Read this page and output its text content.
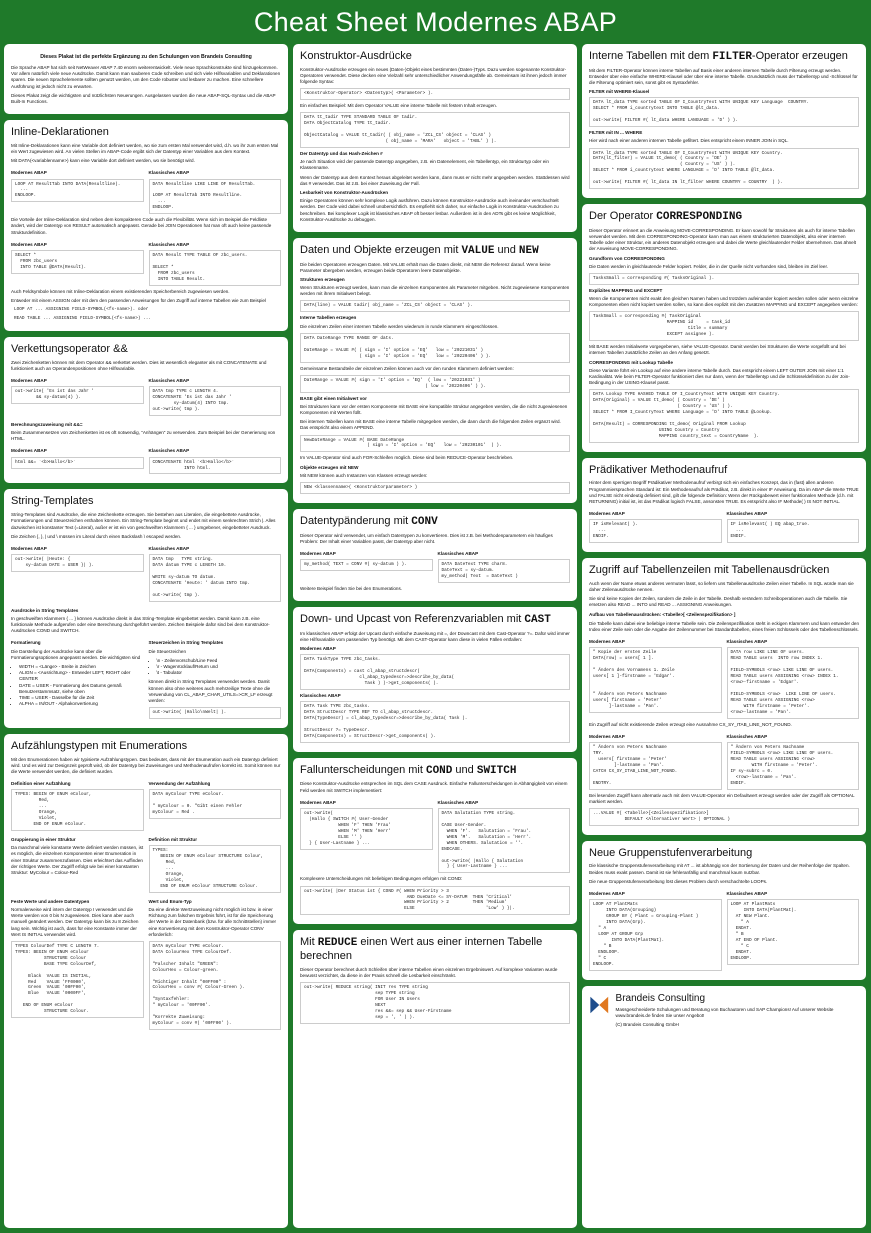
Cheat Sheet Modernes ABAP
Dieses Plakat ist die perfekte Ergänzung zu den Schulungen von Brandeis Consulting

Die Sprache ABAP hat sich seit NetWeaver ABAP 7.40 enorm weiterentwickelt. Viele neue Sprachkonstrukte sind hinzugekommen. Vor allem natürlich viele neue Ausdrücke. Damit kann man sauberen Code schreiben und sich viele Hilfsvariablen und Deklarationen sparen. Die neuen Sprachelemente sollten genutzt werden, um den Code robuster und lesbarer zu machen. Eine schnellere Ausführung ist jedoch nicht zu erwarten.

Dieses Plakat zeigt die wichtigsten und nützlichsten Neuerungen. Ausgelassen wurden die neue ABAP-SQL-Syntax und die ABAP Built-In Functions.

Inline-Deklarationen

Mit Inline-Deklarationen kann eine Variable dort definiert werden, wo sie zum ersten Mal verwendet wird, d.h. wo ihr zum ersten Mal ein Wert zugewiesen wird. An vielen Stellen im ABAP-Code ergibt sich der Datentyp einer Variablen aus dem Kontext.

Mit DATA(<variablenname>) kann eine Variable dort definiert werden, wo sie benötigt wird.

Modernes ABAP
LOOP AT ResultTab INTO DATA(Resultline).
...
ENDLOOP.
Klassisches ABAP
DATA Resultline LIKE LINE OF ResultTab.

LOOP AT ResultTab INTO Resultline.
...
ENDLOOP.

Die Vorteile der Inline-Deklaration sind neben dem kompakteren Code auch die Flexibilität. Wenn sich im Beispiel die Feldliste ändert, wird der Datentyp von RESULT automatisch angepasst. Gerade bei JOIN Operationen hat man oft auch keine passende Strukturdefinition.

Modernes ABAP
SELECT *
FROM zbc_users
INTO TABLE @DATA(Result).
Klassisches ABAP
DATA Result TYPE TABLE OF zbc_users.

SELECT *
FROM zbc_users
INTO TABLE Result.

Auch Feldsymbole können mit Inline-Deklaration einem existierenden Speicherbereich zugewiesen werden.

Entweder mit einem ASSIGN oder mit dem den passenden Anweisungen für den Zugriff auf interne Tabellen wie zum Beispiel

LOOP AT ... ASSIGNING FIELD-SYMBOL(<fs-name>). oder
READ TABLE ... ASSIGNING FIELD-SYMBOL(<fs-name>) ...
Verkettungsoperator &&

Zwei Zeichenketten können mit dem Operator && verkettet werden. Dies ist wesentlich eleganter als mit CONCATENATE und funktioniert auch an Operandenpositionen ohne Hilfsvariable.

Modernes ABAP
out->write( 'Es ist das Jahr '
&& sy-datum(4) ).
Klassisches ABAP
DATA tmp TYPE c LENGTH 4.
CONCATENATE 'Es ist das Jahr '
sy-datum(4) INTO tmp.
out->write( tmp ).
Berechnungszuweisung mit &&=

Beim Zusammensetzen von Zeichenketten ist es oft notwendig, "Anhängen" zu verwenden. Zum Beispiel bei der Generierung von HTML.

Modernes ABAP
html &&= `<b>Hallo</b>`
Klassisches ABAP
CONCATENATE html `<b>Hallo</b>`
INTO html.
String-Templates

String-Templates sind Ausdrücke, die eine Zeichenkette erzeugen. Sie bestehen aus Literalen, die eingebettete Ausdrücke, Formatierungen und Steuerzeichen enthalten können. Ein String-Template beginnt und endet mit einem senkrechten Strich |. Alles dazwischen ist konstanter Text (=Literal), außer er ist ein von geschweiften Klammern { ... } umgebener, eingebetteter Ausdruck.

Die Zeichen {, }, | und \ müssen im Literal durch einen Backslash \ escaped werden.

Modernes ABAP
out->write( |Heute: {
sy-datum DATE = USER }| ).
Klassisches ABAP
DATA tmp   TYPE string.
DATA datum TYPE c LENGTH 10.

WRITE sy-datum TO datum.
CONCATENATE 'Heute: ' datum INTO tmp.

out->write( tmp ).
Ausdrücke in String Templates

In geschweiften Klammern { ... } können Ausdrücke direkt in das String-Template eingebettet werden. Damit kann z.B. eine funktionale Methode aufgerufen oder eine Berechnung durchgeführt werden. Zeichen Beispiele dafür sind bei dem Konstruktor-Ausdrücken COND und SWITCH.

Formatierung

Die Darstellung der Ausdrücke kann über die Formatierungsoptionen angepasst werden. Die wichtigsten sind

• WIDTH = <Länge> - Breite in Zeichen
• ALIGN = <Ausrichtung> - Entweder LEFT, RIGHT oder CENTER
• DATE = USER - Formatierung des Datums gemäß Benutzerstammsatz, siehe oben
• TIME = USER - Dasselbe für die Zeit
• ALPHA = IN/OUT - Alphakonvertierung
Steuerzeichen in String Templates

Die Steuerzeichen

• \n - Zeilenvorschub/Line Feed
• \r - Wagenrücklauf/Return und
• \t - Tabulator

können direkt in String Templates verwendet werden. Damit können also ohne weiteres auch mehrzeilige Texte ohne die Verwendung von CL_ABAP_CHAR_UTILS=>CR_LF erzeugt werden:

out->write( |Hallo\nWelt| ).
Aufzählungstypen mit Enumerations

Mit den Enumerationen haben wir typisierte Aufzählungstypen. Das bedeutet, dass mit der Enumeration auch ein Datentyp definiert wird. Und es wird zur Designzeit geprüft wird, ob der Datentyp bei Zuweisungen und Methodenaufrufen korrekt ist. Somit können nur die Werte verwendet werden, die definiert wurden.

Definition einer Aufzählung
TYPES: BEGIN OF ENUM eColour,
Red,
...
Orange,
Violet,
END OF ENUM eColour.
Verwendung der Aufzählung
DATA myColour TYPE eColour.

" myColour = 0. "Gibt einen Fehler
myColour = Red .
Gruppierung in einer Struktur

Da manchmal viele konstante Werte definiert werden müssen, ist es möglich, die einzelnen Komponenten einer Enumeration in einer Struktur zusammenzufassen. Dies erleichtert das Auffinden der richtigen Werte. Der Zugriff erfolgt wie bei einer konstanten Struktur: MyColour = Colour-Red

Definition mit Struktur
TYPES:
BEGIN OF ENUM eColour STRUCTURE Colour,
Red,
...
Orange,
Violet,
END OF ENUM eColour STRUCTURE Colour.
Feste Werte und andere Datentypen

Normalerweise wird intern der Datentyp I verwendet und die Werte werden von 0 bis N zugewiesen. Dies kann aber auch manuell geändert werden. Der Datentyp kann bis zu 8 Zeichen lang sein. Wichtig ist auch, dass für eine Konstante immer der Wert IS INITIAL verwendet wird.

TYPES ColourDef TYPE C LENGTH 7.
TYPES: BEGIN OF ENUM eColour
STRUCTURE Colour
BASE TYPE ColourDef,

Black  VALUE IS INITIAL,
Red    VALUE 'FF0000',
Green  VALUE '00FF00',
Blue   VALUE '0000FF',

END OF ENUM eColour
STRUCTURE Colour.
Wert und Enum-Typ

Da eine direkte Wertzuweisung nicht möglich ist bzw. in einer Richtung zum falschen Ergebnis führt, ist für die Speicherung der Werte in der Datenbank (bzw. für alle Schnittstellen) immer eine Konvertierung mit dem Konstruktor-Operator CONV erforderlich:

DATA myColour TYPE eColour.
DATA ColourHex TYPE ColourDef.

"Falscher Inhalt "GREEN":
ColourHex = Colour-green.

"Richtiger Inhalt "00FF00" :
ColourHex = conv #( Colour-Green ).

"Syntaxfehler:
" myColour = '00FF00'.

"Korrekte Zuweisung:
myColour = conv #( '00FF00' ).
Konstruktor-Ausdrücke

Konstruktor-Ausdrücke erzeugen ein neues (Daten-)Objekt eines bestimmten (Daten-)Typs. Dazu werden sogenannte Konstruktor-Operatoren verwendet. Diese decken eine Vielzahl sehr unterschiedlicher Anwendungsfälle ab. Gemeinsam ist ihnen jedoch immer folgende Syntax:

<Konstruktor-Operator> <Datentyp>( <Parameter> ).

Ein einfaches Beispiel: Mit dem Operator VALUE eine interne Tabelle mit festem Inhalt erzeugen.

DATA tt_tadir TYPE STANDARD TABLE OF tadir.
DATA ObjectCatalog TYPE tt_tadir.

ObjectCatalog = VALUE tt_tadir( ( obj_name = 'ZCL_CS' object = 'CLAS' )
( obj_name = 'MARA'   object = 'TABL' ) ).
Der Datentyp und das Hash-Zeichen #

Je nach Situation wird der passende Datentyp angegeben, z.B. ein Datenelement, ein Tabellentyp, ein Strukturtyp oder ein Klassenname.

Wenn der Datentyp aus dem Kontext heraus abgeleitet werden kann, dann muss er nicht mehr angegeben werden. Stattdessen wird das # verwendet. Das ist z.B. bei einer Zuweisung der Fall.

Lesbarkeit von Konstruktor-Ausdrücken

Einige Operatoren können sehr komplexe Logik ausführen. Dazu können Konstruktor-Ausdrücke auch ineinander verschachtelt werden. Der Code wird dabei schnell unübersichtlich. Es empfiehlt sich daher, nur einfache Logik in Konstruktor-Ausdrücken zu beschreiben. Bei komplexer Logik ist klassisches ABAP oft besser lesbar. Außerdem ist in den ADTs gibt es keine Möglichkeit, Konstruktor-Ausdrücke zu debuggen.

Daten und Objekte erzeugen mit VALUE und NEW

Die beiden Operatoren erzeugen Daten. Mit VALUE erhält man die Daten direkt, mit NEW die Referenz darauf. Wenn keine Parameter übergeben werden, erzeugen beide Operatoren leere Datenobjekte.

Strukturen erzeugen

Wenn Strukturen erzeugt werden, kann man die einzelnen Komponenten als Parameter mitgeben. Nicht zugewiesene Komponenten werden mit ihrem Initialwert belegt.

DATA(line) = VALUE tadir( obj_name = 'ZCL_CS' object = 'CLAS' ).
Interne Tabellen erzeugen

Die einzelnen Zeilen einer internen Tabelle werden wiederum in runde Klammern eingeschlossen.

DATA DateRange TYPE RANGE OF dats.

DateRange = VALUE #( ( sign = 'I' option = 'EQ'   low = '20221031' )
( sign = 'I' option = 'EQ'   low = '20220406' ) ).

Gemeinsame Bestandteile der einzelnen Zeilen können auch vor den runden Klammern definiert werden:

DateRange = VALUE #( sign = 'I' option = 'EQ'  ( low = '20221031' )
( low = '20220406' ) ).
BASE gibt einen Initialwert vor

Bei Strukturen kann vor der ersten Komponente mit BASE eine kompatible Struktur angegeben werden, die die nicht zugewiesenen Komponenten mit Werten füllt.

Bei internen Tabellen kann mit BASE eine interne Tabelle mitgegeben werden, die dann durch die folgenden Zeilen ergänzt wird. Das entspricht also einem APPEND.

NewDateRange = VALUE #( BASE DateRange
( sign = 'I' option = 'EQ'   low = '20230101'  ) ).

Im VALUE-Operator sind auch FOR-Schleifen möglich. Diese sind beim REDUCE-Operator beschrieben.

Objekte erzeugen mit NEW

Mit NEW können auch Instanzen von Klassen erzeugt werden:

NEW <klassenname>( <Konstruktorparameter> )
Datentypänderung mit CONV

Dieser Operator wird verwendet, um einfach Datentypen zu konvertieren. Dies ist z.B. bei Methodenparametern ein häufiges Problem: Der Inhalt einer Variablen passt, der Datentyp aber nicht.

Modernes ABAP
my_method( TEXT = CONV #( sy-datum ) ).
Klassisches ABAP
DATA DateText TYPE char8.
DateText = sy-datum.
my_method( Text  = DateText )

Weitere Beispiel finden Sie bei den Enumerations.

Down- und Upcast von Referenzvariablen mit CAST

Im klassischen ABAP erfolgt der Upcast durch einfache Zuweisung mit =, der Downcast mit dem Cast-Operator ?=. Dafür wird immer eine Hilfsvariable vom passenden Typ benötigt. Mit dem CAST-Operator kann diese in vielen Fällen entfallen:

Modernes ABAP
DATA TaskType TYPE zbc_tasks.

DATA(Components) = cast cl_abap_structdescr(
cl_abap_typedescr=>describe_by_data(
Task ) )->get_components( ).
Klassisches ABAP
DATA Task TYPE zbc_tasks.
DATA StructDescr TYPE REF TO cl_abap_structdescr.
DATA(TypeDescr) = cl_abap_typedescr=>describe_by_data( Task ).

StructDescr ?= TypeDescr.
DATA(Components) = StructDescr->get_components( ).
Fallunterscheidungen mit COND und SWITCH

Diese Konstruktor-Ausdrücke entsprechen im SQL dem CASE Ausdruck. Einfache Fallunterscheidungen in Abhängigkeit von einem Feld werden mit SWITCH implementiert:

Modernes ABAP
out->write(
|Hallo { SWITCH #( User-Gender
WHEN 'F' THEN 'Frau'
WHEN 'M' THEN 'Herr'
ELSE '' )
} { User-Lastname } ...
Klassisches ABAP
DATA Salutation TYPE string.

CASE User-Gender.
WHEN 'F'.   Salutation = 'Frau'.
WHEN 'M'.   Salutation = 'Herr'.
WHEN OTHERS. Salutation = ''.
ENDCASE.

out->write( |Hallo { Salutation
} { User-Lastname } ...

Komplexere Unterscheidungen mit beliebigen Bedingungen erfolgen mit COND:

out->write( |Der Status ist { COND #( WHEN Priority > 3
AND DueDate <= SY-DATUM  THEN 'Critical'
WHEN Priority > 2         THEN 'Medium'
ELSE                           'Low' ) }|.
Mit REDUCE einen Wert aus einer internen Tabelle berechnen

Dieser Operator berechnet durch Schleifen über interne Tabellen einen einzelnen Ergebniswert. Auf komplexe Varianten wurde bewusst verzichtet, da diese in der Praxis schnell die Lesbarkeit einschränkt.

out->write( REDUCE string( INIT res TYPE string
sep TYPE string
FOR User IN Users
NEXT
res &&= sep && User-Firstname
sep = ', ' ) ).
Interne Tabellen mit dem FILTER-Operator erzeugen

Mit dem FILTER-Operator können interne Tabellen auf Basis einer anderen internen Tabelle durch Filterung erzeugt werden. Entweder über eine einfache WHERE-Klausel oder über eine interne Tabelle. Grundsätzlich muss der Tabellentyp und -Schlüssel für die Filterung optimiert sein, sonst gibt es Syntaxfehler.

FILTER mit WHERE-Klausel
DATA lt_data TYPE sorted TABLE OF I_CountryText WITH UNIQUE KEY Language  COUNTRY.
SELECT * FROM i_countrytext INTO TABLE @lt_data.

out->write( FILTER #( lt_data WHERE LANGUAGE = 'D' ) ).
FILTER mit IN ... WHERE

Hier wird nach einer anderen internen Tabelle gefiltert. Dies entspricht einem INNER JOIN in SQL.

DATA lt_data TYPE sorted TABLE OF I_CountryText WITH UNIQUE KEY Country.
DATA(lt_filter) = VALUE tt_demo( ( Country = 'DE' )
( Country = 'US' ) ).
SELECT * FROM i_countrytext WHERE LANGUAGE = 'D' INTO TABLE @lt_data.

out->write( FILTER #( lt_data IN lt_filter WHERE COUNTRY = COUNTRY  ) ).
Der Operator CORRESPONDING

Dieser Operator erinnert an die Anweisung MOVE-CORRESPONDING. Er kann sowohl für Strukturen als auch für interne Tabellen verwendet werden. Mit dem CORRESPONDING-Operator kann man aus einem strukturierten Datenobjekt, also einer internen Tabelle oder einer Struktur, ein anderes Datenobjekt erzeugen und dabei die Werte gleichlautender Felder übernehmen. Das ähnelt der Anweisung MOVE-CORRESPONDING.

Grundform von CORRESPONDING

Die Daten werden in gleichlautende Felder kopiert. Felder, die in der Quelle nicht vorhanden sind, bleiben im Ziel leer.

TasksSmall = corresponding #( TasksOriginal ).
Explizites MAPPING und EXCEPT

Wenn die Komponenten nicht exakt den gleichen Namen haben und trotzdem aufeinander kopiert werden sollen oder wenn einzelne Komponenten eben nicht kopiert werden sollen, so kann dies explizit mit den Zusätzen MAPPING und EXCEPT angegeben werden:

TaskSmall = corresponding #( TaskOriginal
MAPPING id     = task_id
title = summary
EXCEPT assignee ).

Mit BASE werden Initialwerte vorgegebenen, siehe VALUE-Operator. Damit werden bei Strukturen die Werte vorgefüllt und bei internen Tabellen zusätzliche Zeilen an den Anfang gesetzt.

CORRESPONDING mit Lookup Tabelle

Diese Variante führt ein Lookup auf eine andere interne Tabelle durch. Das entspricht einem LEFT OUTER JOIN mit einer 1:1 Kardinalität. Wie beim FILTER-Operator funktioniert dies nur dann, wenn der Tabellentyp und die Schlüsseldefinition zu der Join-Bedingung in der USING-Klausel passt.

DATA Lookup TYPE HASHED TABLE OF I_CountryText WITH UNIQUE KEY Country.
DATA(Original) = VALUE tt_demo( ( Country = 'DE' )
( Country = 'US' ) ).
SELECT * FROM I_CountryText WHERE Language = 'D' INTO TABLE @Lookup.

DATA(Result) = CORRESPONDING tt_demo( Original FROM Lookup
USING Country = Country
MAPPING country_text = CountryName  ).
Prädikativer Methodenaufruf

Hinter dem sperrigen Begriff Prädikativer Methodenaufruf verbirgt sich ein einfaches Konzept, das in (fast) allen anderen Programmiersprachen Standard ist: Ein Methodenaufruf als Prädikat, z.B. direkt in einer IF Anweisung. Da im ABAP die Werte TRUE und FALSE nicht eindeutig definiert sind, gilt die folgende Definition: Wenn der Rückgabewert einer funktionalen Methode (d.h. mit RETURNING) initial ist, ist das Prädikat logisch FALSE, ansonsten TRUE. Es entspricht also IF Methode( ) IS NOT INITIAL.

Modernes ABAP
IF isRelevant( ).
...
ENDIF.
Klassisches ABAP
IF isRelevant( ) EQ abap_true.
...
ENDIF.
Zugriff auf Tabellenzeilen mit Tabellenausdrücken

Auch wenn der Name etwas anderes vermuten lässt, so liefern uns Tabellenausdrücke Zeilen einer Tabelle. In SQL würde man sie daher Zeilenausdrücke nennen.

Sie sind keine Kopien der Zeilen, sondern die Zeile in der Tabelle. Deshalb verändern Schreiboperationen auch die Tabelle. Sie ersetzen also READ ... INTO und READ ... ASSIGNING Anweisungen.

Aufbau von Tabellenausdrücken: <Tabelle>[ <Zeilenspezifikation> ]

Die Tabelle kann dabei eine beliebige interne Tabelle sein. Die Zeilenspezifikation steht in eckigen Klammern und kann entweder den Index einer Zeile sein oder die Angabe der Zeilennummer bei Standardtabellen, eines freien Schlüssels oder des Tabellenschlüssels.

Modernes ABAP
" Kopie der ersten Zeile
DATA(row) = users[ 1 ].

" Ändern des Vornamens 1. Zeile
users[ 1 ]-firstname = 'Edgar'.

" Ändern von Peters Nachname
users[ firstname = 'Peter'
]-lastname = 'Pan'.
Klassisches ABAP
DATA row LIKE LINE OF users.
READ TABLE users  INTO row INDEX 1.

FIELD-SYMBOLS <row> LIKE LINE OF users.
READ TABLE users ASSIGNING <row> INDEX 1.
<row>-firstname = 'Edgar'.

FIELD-SYMBOLS <row>  LIKE LINE OF users.
READ TABLE users ASSIGNING <row>
WITH firstname = 'Peter'.
<row>-lastname = 'Pan'.

Ein Zugriff auf nicht existierende Zeilen erzeugt eine Ausnahme CX_SY_ITAB_LINE_NOT_FOUND.

Modernes ABAP
" Ändern von Peters Nachname
TRY.
users[ firstname = 'Peter'
]-lastname = 'Pan'.
CATCH CX_SY_ITAB_LINE_NOT_FOUND.

ENDTRY.
Klassisches ABAP
" Ändern von Peters Nachname
FIELD-SYMBOLS <row> LIKE LINE OF users.
READ TABLE users ASSIGNING <row>
WITH firstname = 'Peter'.
IF sy-subrc = 0.
<row>-lastname = 'Pan'.
ENDIF.

Bei lesenden Zugriff kann alternativ auch mit dem VALUE-Operator ein Defaultwert erzeugt werden oder der Zugriff als OPTIONAL markiert werden.

...VALUE #( <Tabelle>[<Zeilenspezifikation>]
DEFAULT <Alternativer Wert> | OPTIONAL )
Neue Gruppenstufenverarbeitung

Die klassische Gruppenstufenverarbeitung mit AT ... ist abhängig von der Sortierung der Daten und der Reihenfolge der Spalten. Beides muss exakt passen. Damit ist sie fehleranfällig und manchmal kaum nutzbar.

Die neue Gruppenstufenverarbeitung löst dieses Problem durch verschachtelte LOOPs.

Modernes ABAP
LOOP AT PlantMats
INTO DATA(Grouping)
GROUP BY ( Plant = Grouping-Plant )
INTO DATA(Grp).
" A
LOOP AT GROUP Grp
INTO DATA(PlantMat).
" B
ENDLOOP.
" C
ENDLOOP.
Klassisches ABAP
LOOP AT PlantMats
INTO DATA(PlantMat).
AT NEW Plant.
" A
ENDAT.
" B
AT END OF Plant.
" C
ENDAT.
ENDLOOP.
Brandeis Consulting

Massgeschneiderte Schulungen und Beratung von Buchautoren und SAP Champions! Auf unserer Website www.brandeis.de finden Sie unser Angebot!

(C) Brandeis Consulting GmbH
